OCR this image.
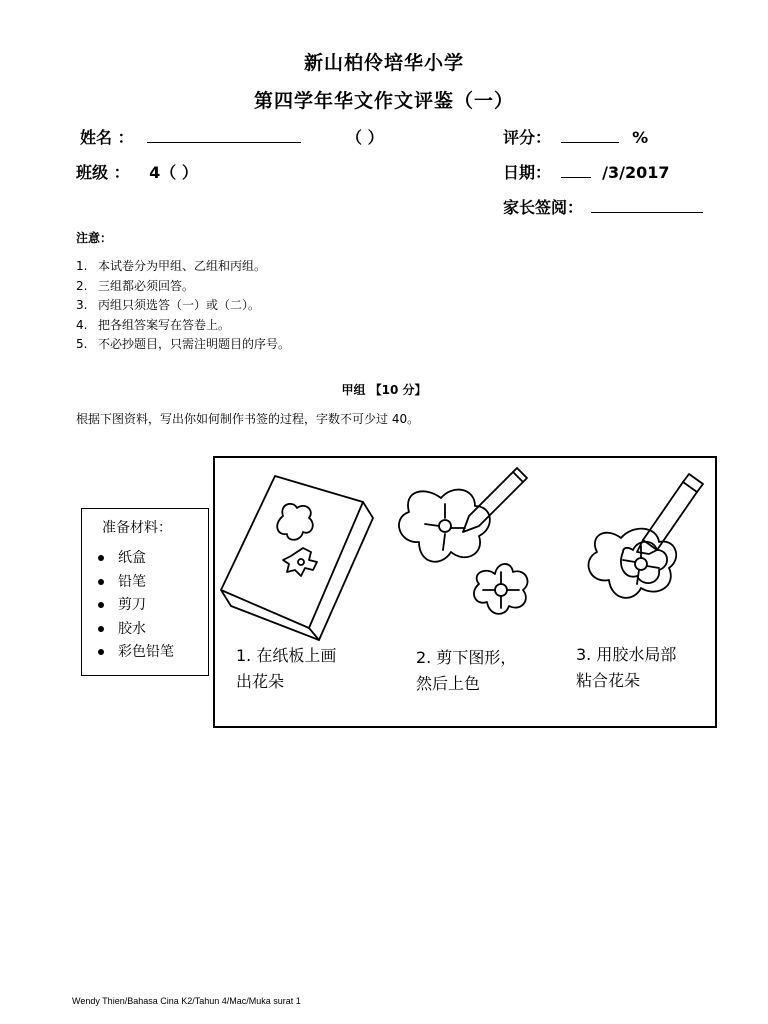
新山柏伶培华小学
第四学年华文作文评鉴（一）
姓名 ：	（ ）	评分：	%
班级 ： 4（ ）	日期：	/3/2017
家长签阅：
注意：
1. 本试卷分为甲组、乙组和丙组。
2. 三组都必须回答。
3. 丙组只须选答（一）或（二）。
4. 把各组答案写在答卷上。
5. 不必抄题目，只需注明题目的序号。
甲组 【10 分】
根据下图资料，写出你如何制作书签的过程，字数不可少过 40。
准备材料：
纸盒
铅笔
剪刀
胶水
彩色铅笔	1. 在纸板上画
出花朵
2. 剪下图形，
然后上色
3. 用胶水局部
粘合花朵
Wendy Thien/Bahasa Cina K2/Tahun 4/Mac/Muka surat 1
